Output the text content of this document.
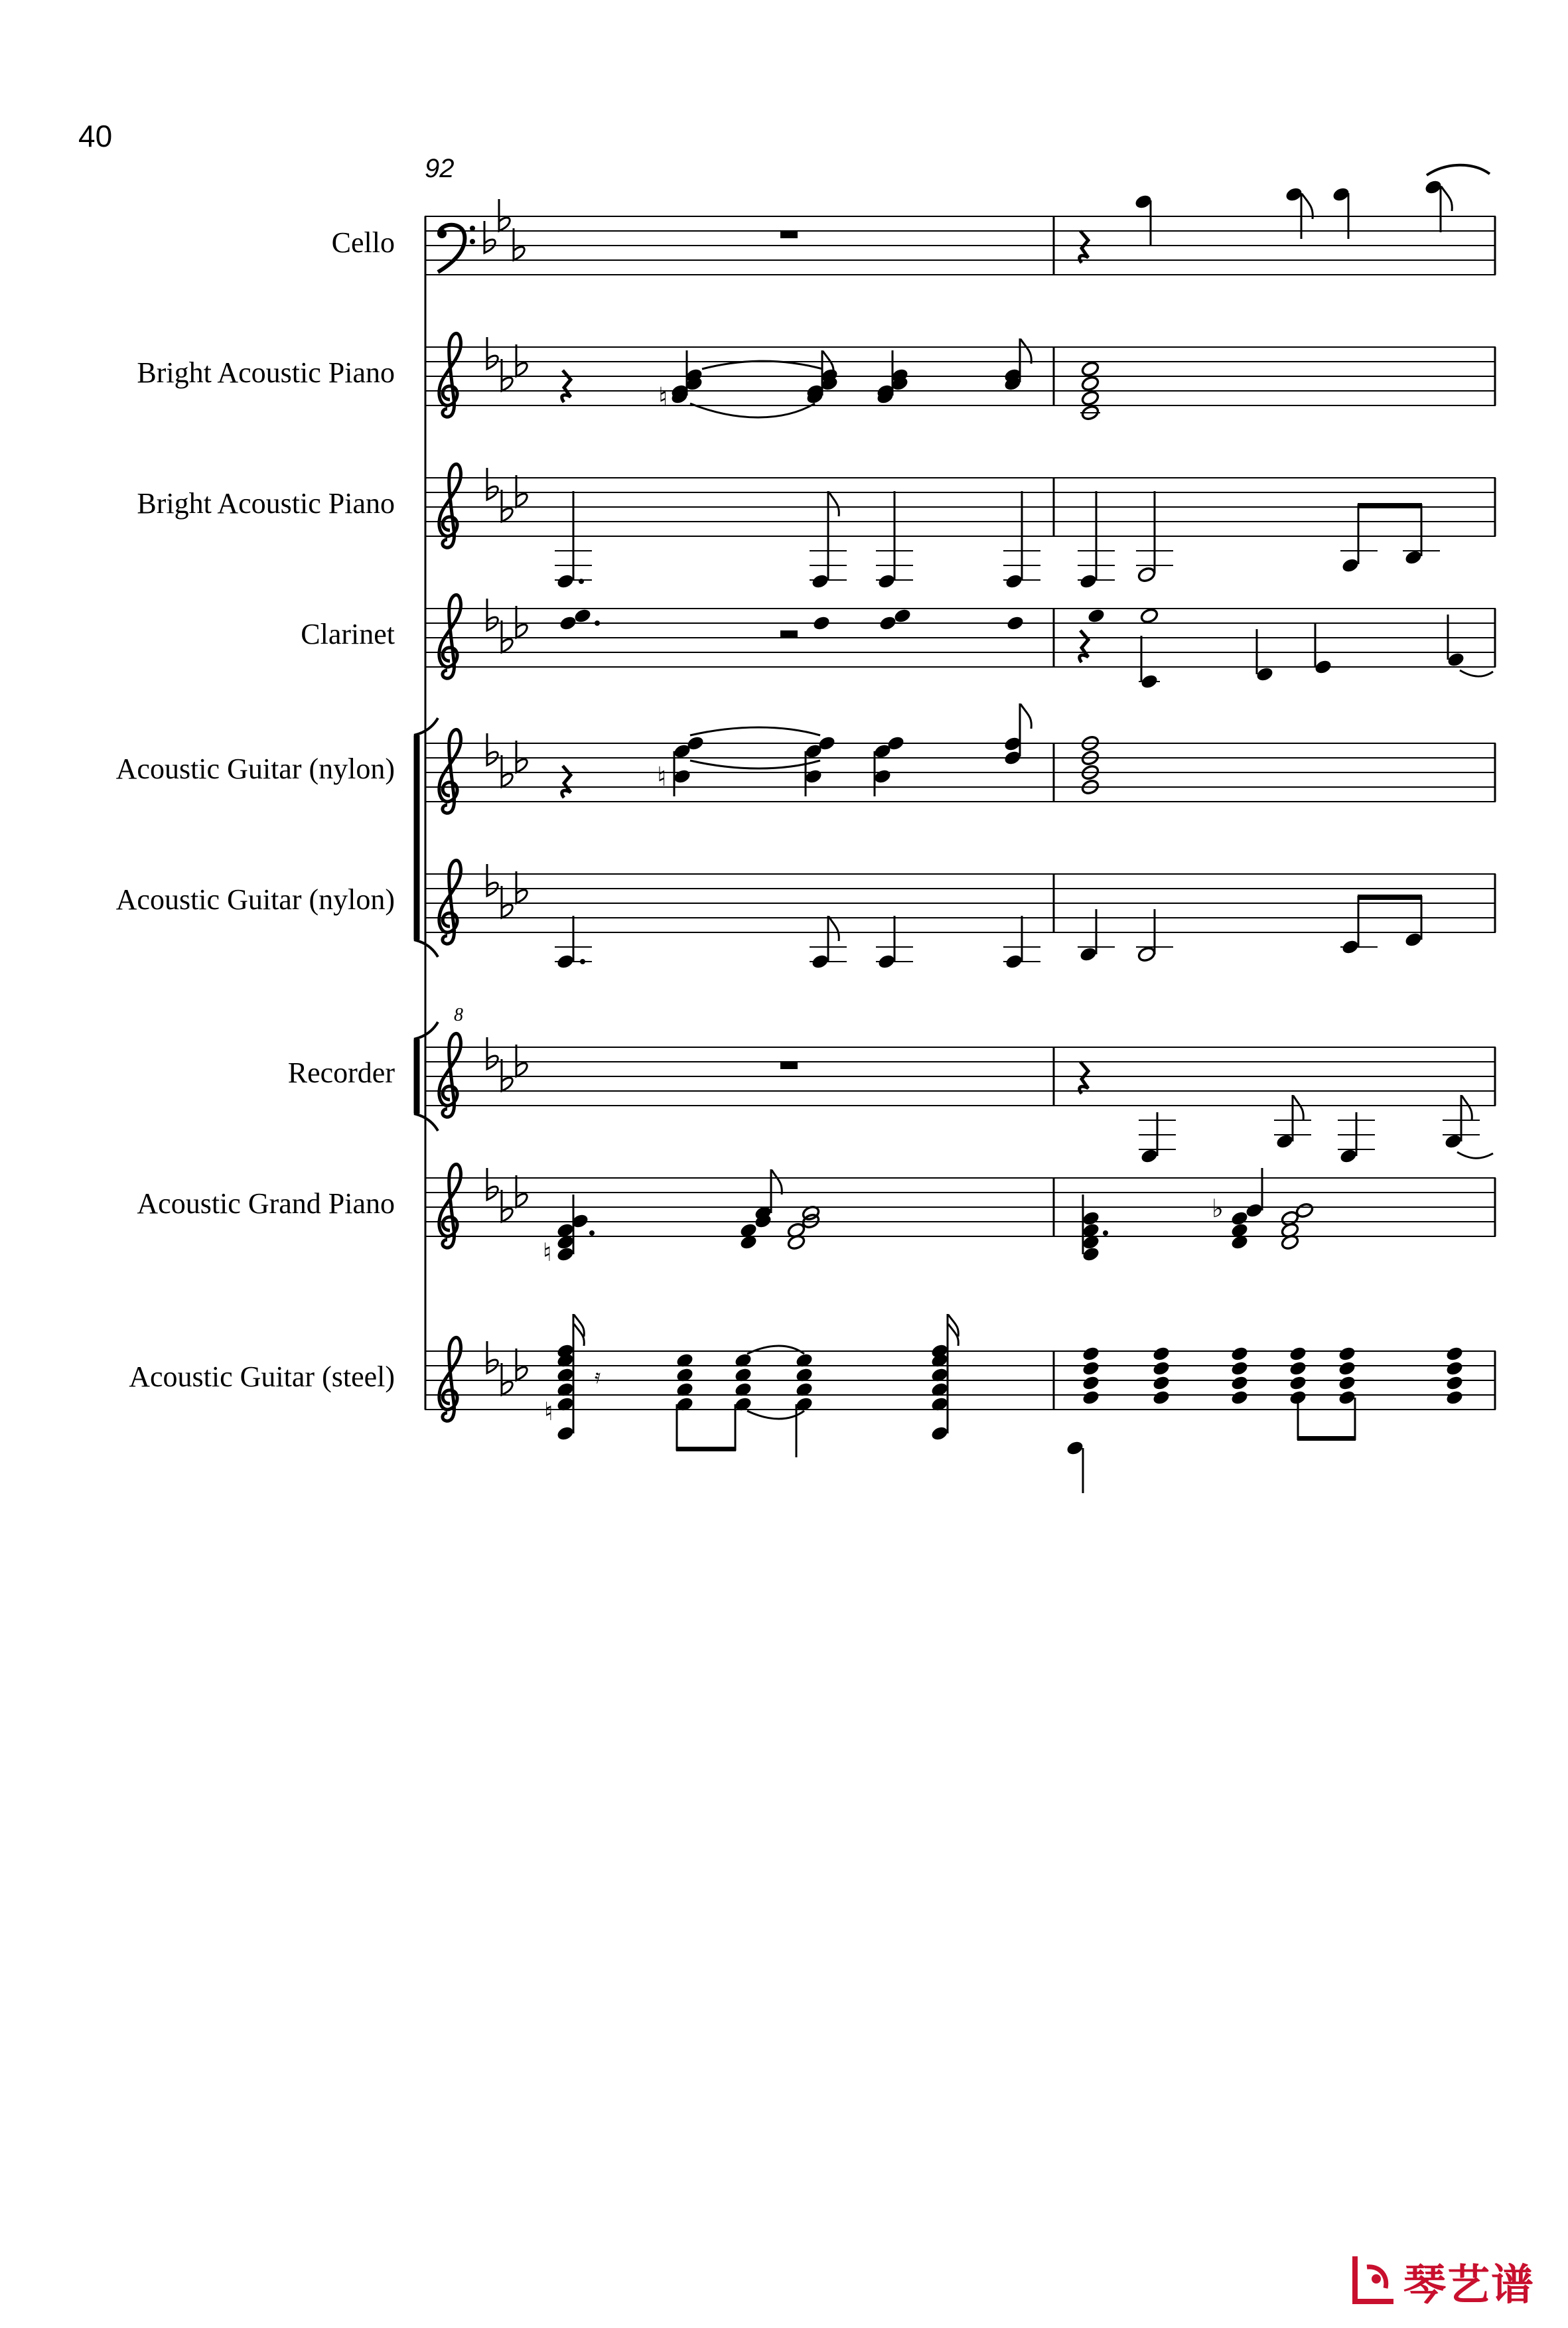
40
92
Cello
Bright Acoustic Piano
Bright Acoustic Piano
Clarinet
Acoustic Guitar (nylon)
Acoustic Guitar (nylon)
Recorder
Acoustic Grand Piano
Acoustic Guitar (steel)
8
♮
♮
♮
♭
♮
𝄿
琴艺谱
